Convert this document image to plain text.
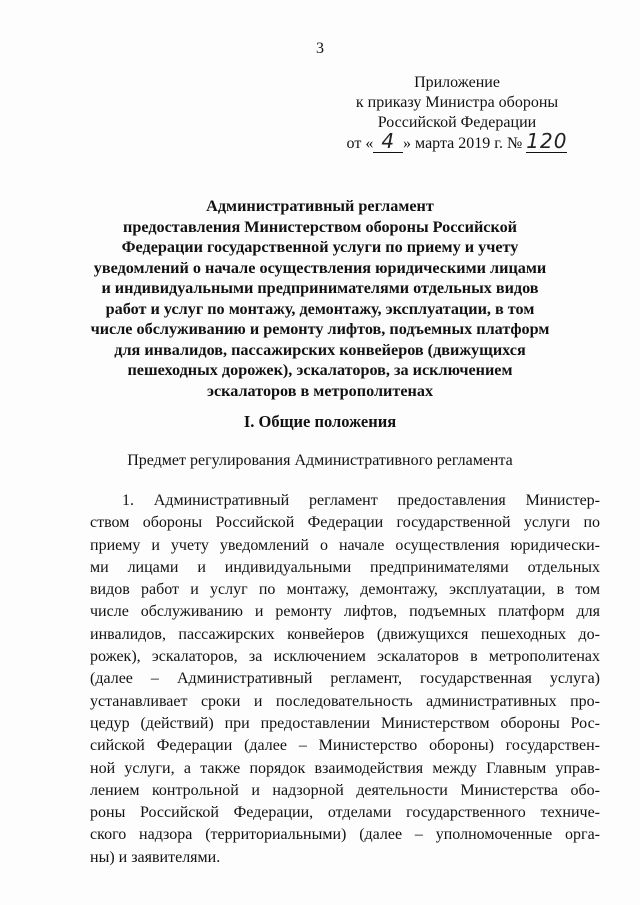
3
Приложение
к приказу Министра обороны
Российской Федерации
от « 4 » марта 2019 г. № 120
Административный регламент
предоставления Министерством обороны Российской
Федерации государственной услуги по приему и учету
уведомлений о начале осуществления юридическими лицами
и индивидуальными предпринимателями отдельных видов
работ и услуг по монтажу, демонтажу, эксплуатации, в том
числе обслуживанию и ремонту лифтов, подъемных платформ
для инвалидов, пассажирских конвейеров (движущихся
пешеходных дорожек), эскалаторов, за исключением
эскалаторов в метрополитенах
I. Общие положения
Предмет регулирования Административного регламента
1. Административный регламент предоставления Министер-
ством обороны Российской Федерации государственной услуги по
приему и учету уведомлений о начале осуществления юридически-
ми лицами и индивидуальными предпринимателями отдельных
видов работ и услуг по монтажу, демонтажу, эксплуатации, в том
числе обслуживанию и ремонту лифтов, подъемных платформ для
инвалидов, пассажирских конвейеров (движущихся пешеходных до-
рожек), эскалаторов, за исключением эскалаторов в метрополитенах
(далее – Административный регламент, государственная услуга)
устанавливает сроки и последовательность административных про-
цедур (действий) при предоставлении Министерством обороны Рос-
сийской Федерации (далее – Министерство обороны) государствен-
ной услуги, а также порядок взаимодействия между Главным управ-
лением контрольной и надзорной деятельности Министерства обо-
роны Российской Федерации, отделами государственного техниче-
ского надзора (территориальными) (далее – уполномоченные орга-
ны) и заявителями.
